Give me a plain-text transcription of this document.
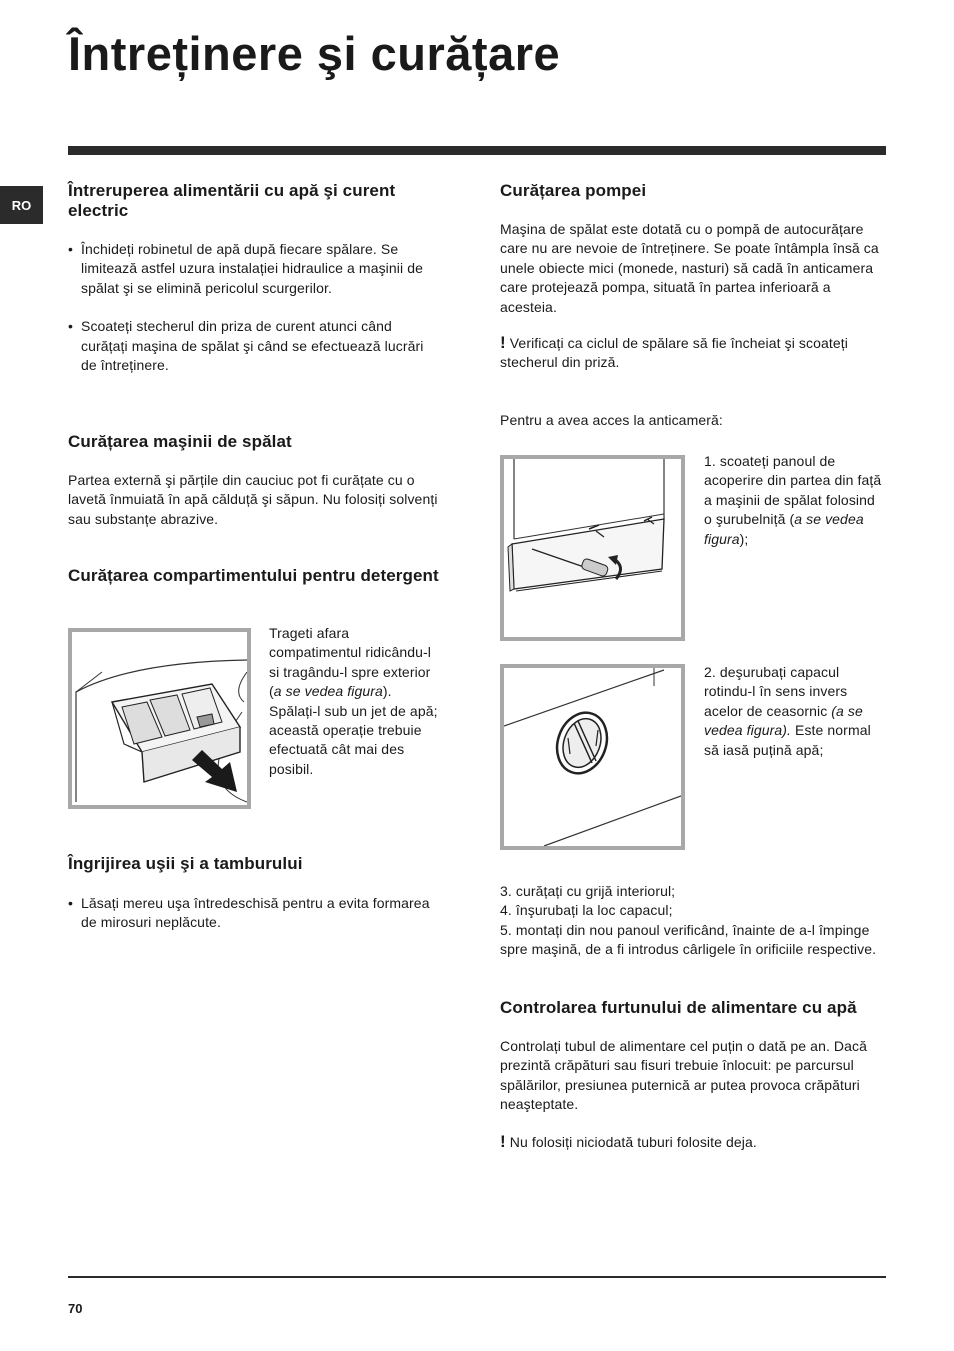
Întreținere şi curățare
RO
Întreruperea alimentării cu apă şi curent electric

• Închideți robinetul de apă după fiecare spălare. Se limitează astfel uzura instalației hidraulice a maşinii de spălat şi se elimină pericolul scurgerilor.

• Scoateți stecherul din priza de curent atunci când curățați maşina de spălat şi când se efectuează lucrări de întreținere.

Curățarea maşinii de spălat

Partea externă şi părțile din cauciuc pot fi curățate cu o lavetă înmuiată în apă călduță şi săpun. Nu folosiți solvenți sau substanțe abrazive.

Curățarea compartimentului pentru detergent

Trageti afara compatimentul ridicându-l si tragându-l spre exterior (a se vedea figura).

Spălați-l sub un jet de apă; această operație trebuie efectuată cât mai des posibil.

Îngrijirea uşii şi a tamburului

• Lăsați mereu uşa întredeschisă pentru a evita formarea de mirosuri neplăcute.

Curățarea pompei

Maşina de spălat este dotată cu o pompă de autocurățare care nu are nevoie de întreținere. Se poate întâmpla însă ca unele obiecte mici (monede, nasturi) să cadă în anticamera care protejează pompa, situată în partea inferioară a acesteia.

! Verificați ca ciclul de spălare să fie încheiat şi scoateți stecherul din priză.

Pentru a avea acces la anticameră:

1. scoateți panoul de acoperire din partea din față a maşinii de spălat folosind o şurubelniță (a se vedea figura);

2. deşurubați capacul rotindu-l în sens invers acelor de ceasornic (a se vedea figura). Este normal să iasă puțină apă;

3. curățați cu grijă interiorul;

4. înşurubați la loc capacul;

5. montați din nou panoul verificând, înainte de a-l împinge spre maşină, de a fi introdus cârligele în orificiile respective.

Controlarea furtunului de alimentare cu apă

Controlați tubul de alimentare cel puțin o dată pe an. Dacă prezintă crăpături sau fisuri trebuie înlocuit: pe parcursul spălărilor, presiunea puternică ar putea provoca crăpături neaşteptate.

! Nu folosiți niciodată tuburi folosite deja.

70
